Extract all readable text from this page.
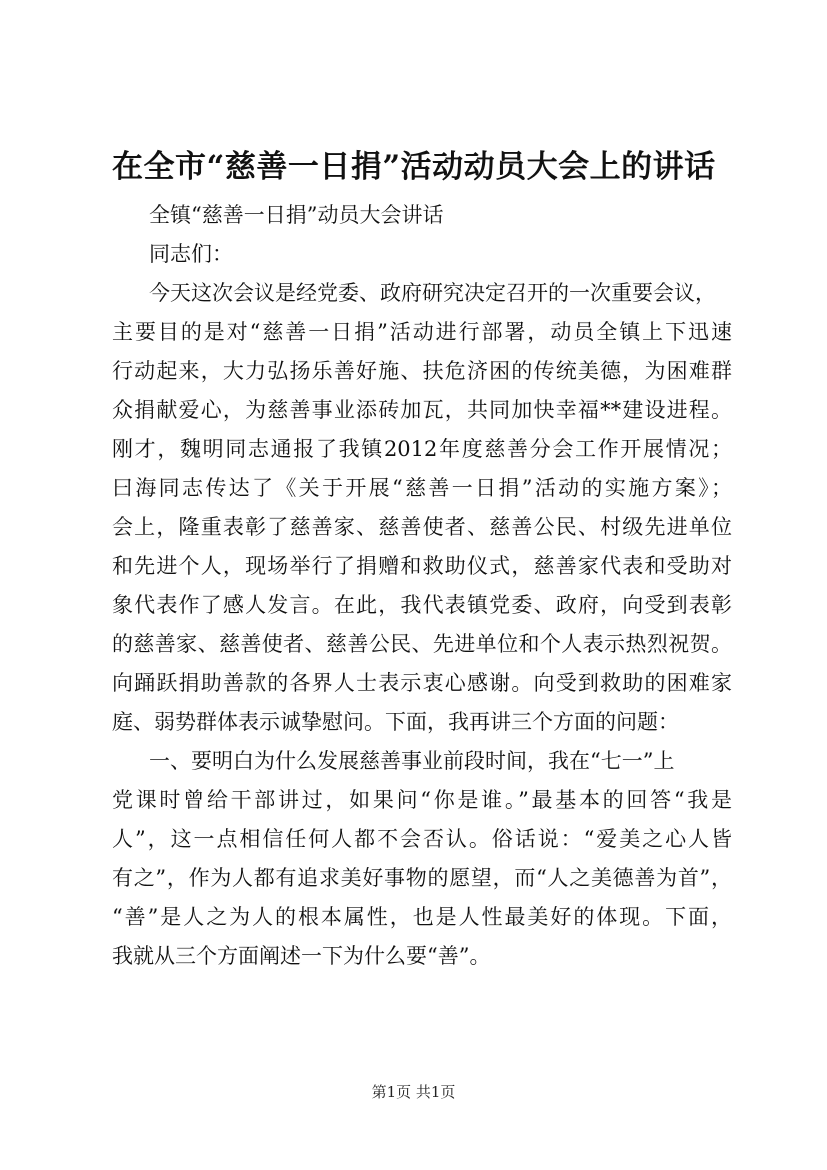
在全市“慈善一日捐”活动动员大会上的讲话
全镇“慈善一日捐”动员大会讲话
同志们：
今天这次会议是经党委、政府研究决定召开的一次重要会议，
主要目的是对“慈善一日捐”活动进行部署，动员全镇上下迅速
行动起来，大力弘扬乐善好施、扶危济困的传统美德，为困难群
众捐献爱心，为慈善事业添砖加瓦，共同加快幸福**建设进程。
刚才，魏明同志通报了我镇2012年度慈善分会工作开展情况；
曰海同志传达了《关于开展“慈善一日捐”活动的实施方案》；
会上，隆重表彰了慈善家、慈善使者、慈善公民、村级先进单位
和先进个人，现场举行了捐赠和救助仪式，慈善家代表和受助对
象代表作了感人发言。在此，我代表镇党委、政府，向受到表彰
的慈善家、慈善使者、慈善公民、先进单位和个人表示热烈祝贺。
向踊跃捐助善款的各界人士表示衷心感谢。向受到救助的困难家
庭、弱势群体表示诚挚慰问。下面，我再讲三个方面的问题：
一、要明白为什么发展慈善事业前段时间，我在“七一”上
党课时曾给干部讲过，如果问“你是谁。”最基本的回答“我是
人”，这一点相信任何人都不会否认。俗话说：“爱美之心人皆
有之”，作为人都有追求美好事物的愿望，而“人之美德善为首”，
“善”是人之为人的根本属性，也是人性最美好的体现。下面，
我就从三个方面阐述一下为什么要“善”。
第1页 共1页
